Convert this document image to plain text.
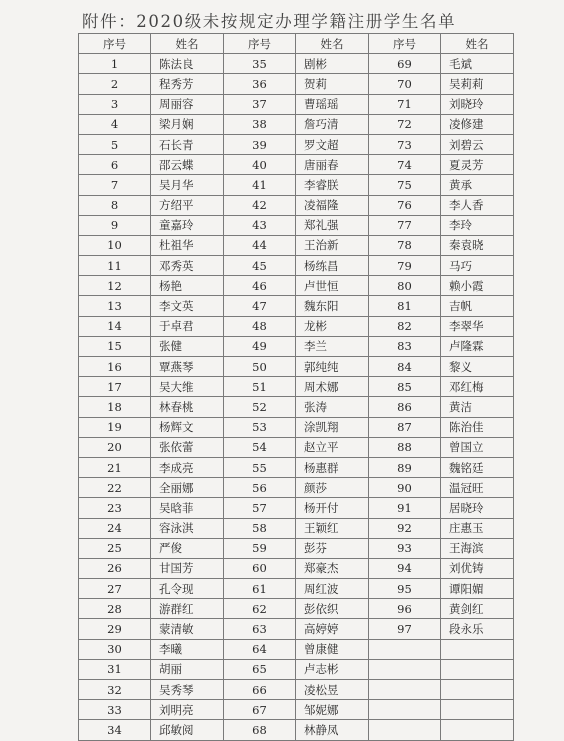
附件：2020级未按规定办理学籍注册学生名单
序号	姓名	序号	姓名	序号	姓名
1	陈法良	35	剧彬	69	毛斌
2	程秀芳	36	贺莉	70	吴莉莉
3	周丽容	37	曹瑶瑶	71	刘晓玲
4	梁月娴	38	詹巧清	72	凌修建
5	石长青	39	罗文超	73	刘碧云
6	邵云蝶	40	唐丽春	74	夏灵芳
7	吴月华	41	李睿朕	75	黄承
8	方绍平	42	凌福隆	76	李人香
9	童嘉玲	43	郑礼强	77	李玲
10	杜祖华	44	王治新	78	秦袁晓
11	邓秀英	45	杨练昌	79	马巧
12	杨艳	46	卢世恒	80	赖小霞
13	李文英	47	魏东阳	81	吉帆
14	于卓君	48	龙彬	82	李翠华
15	张健	49	李兰	83	卢隆霖
16	覃燕琴	50	郭纯纯	84	黎义
17	吴大维	51	周术娜	85	邓红梅
18	林春桃	52	张涛	86	黄洁
19	杨辉文	53	涂凯翔	87	陈治佳
20	张依蕾	54	赵立平	88	曾国立
21	李成亮	55	杨惠群	89	魏铭廷
22	全丽娜	56	颜莎	90	温冠旺
23	吴晗菲	57	杨开付	91	居晓玲
24	容泳淇	58	王颖红	92	庄惠玉
25	严俊	59	彭芬	93	王海滨
26	甘国芳	60	郑豪杰	94	刘优铸
27	孔令现	61	周红波	95	谭阳媚
28	游群红	62	彭依织	96	黄剑红
29	蒙清敏	63	高婷婷	97	段永乐
30	李曦	64	曾康健		
31	胡丽	65	卢志彬		
32	吴秀琴	66	凌松昱		
33	刘明亮	67	邹妮娜		
34	邱敏阅	68	林静凤		
